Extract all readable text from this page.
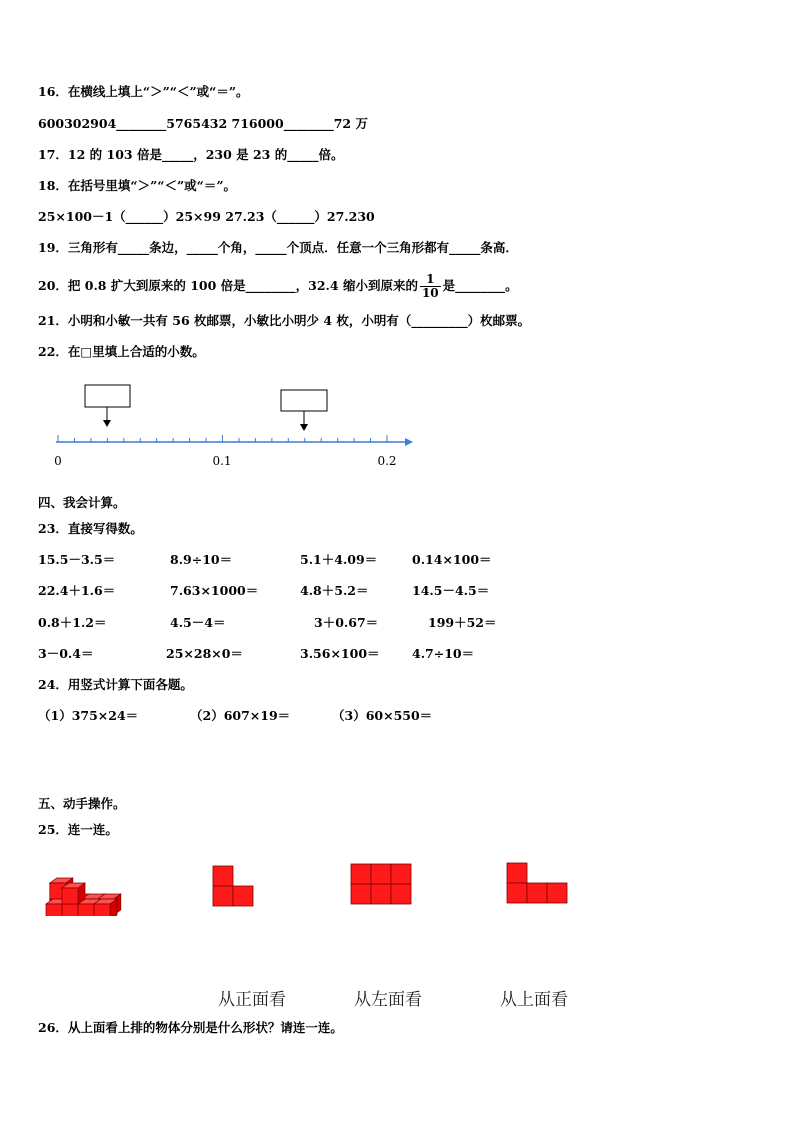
16．在横线上填上“＞”“＜”或“＝”。
600302904________5765432 716000________72 万
17．12 的 103 倍是_____，230 是 23 的_____倍。
18．在括号里填“＞”“＜”或“＝”。
25×100－1（______）25×99 27.23（______）27.230
19．三角形有_____条边，_____个角，_____个顶点．任意一个三角形都有_____条高．
20．把 0.8 扩大到原来的 100 倍是________，32.4 缩小到原来的 $\frac{1}{10}$ 是________。
21．小明和小敏一共有 56 枚邮票，小敏比小明少 4 枚，小明有（_________）枚邮票。
22．在□里填上合适的小数。
0	0.1	0.2
四、我会计算。
23．直接写得数。
15.5－3.5＝	8.9÷10＝	5.1＋4.09＝	0.14×100＝
22.4＋1.6＝	7.63×1000＝	4.8＋5.2＝	14.5－4.5＝
0.8＋1.2＝	4.5－4＝	3＋0.67＝	199＋52＝
3－0.4＝	25×28×0＝	3.56×100＝	4.7÷10＝
24．用竖式计算下面各题。
（1）375×24＝	（2）607×19＝	（3）60×550＝
五、动手操作。
25．连一连。
从正面看	从左面看	从上面看
26．从上面看上排的物体分别是什么形状？请连一连。
